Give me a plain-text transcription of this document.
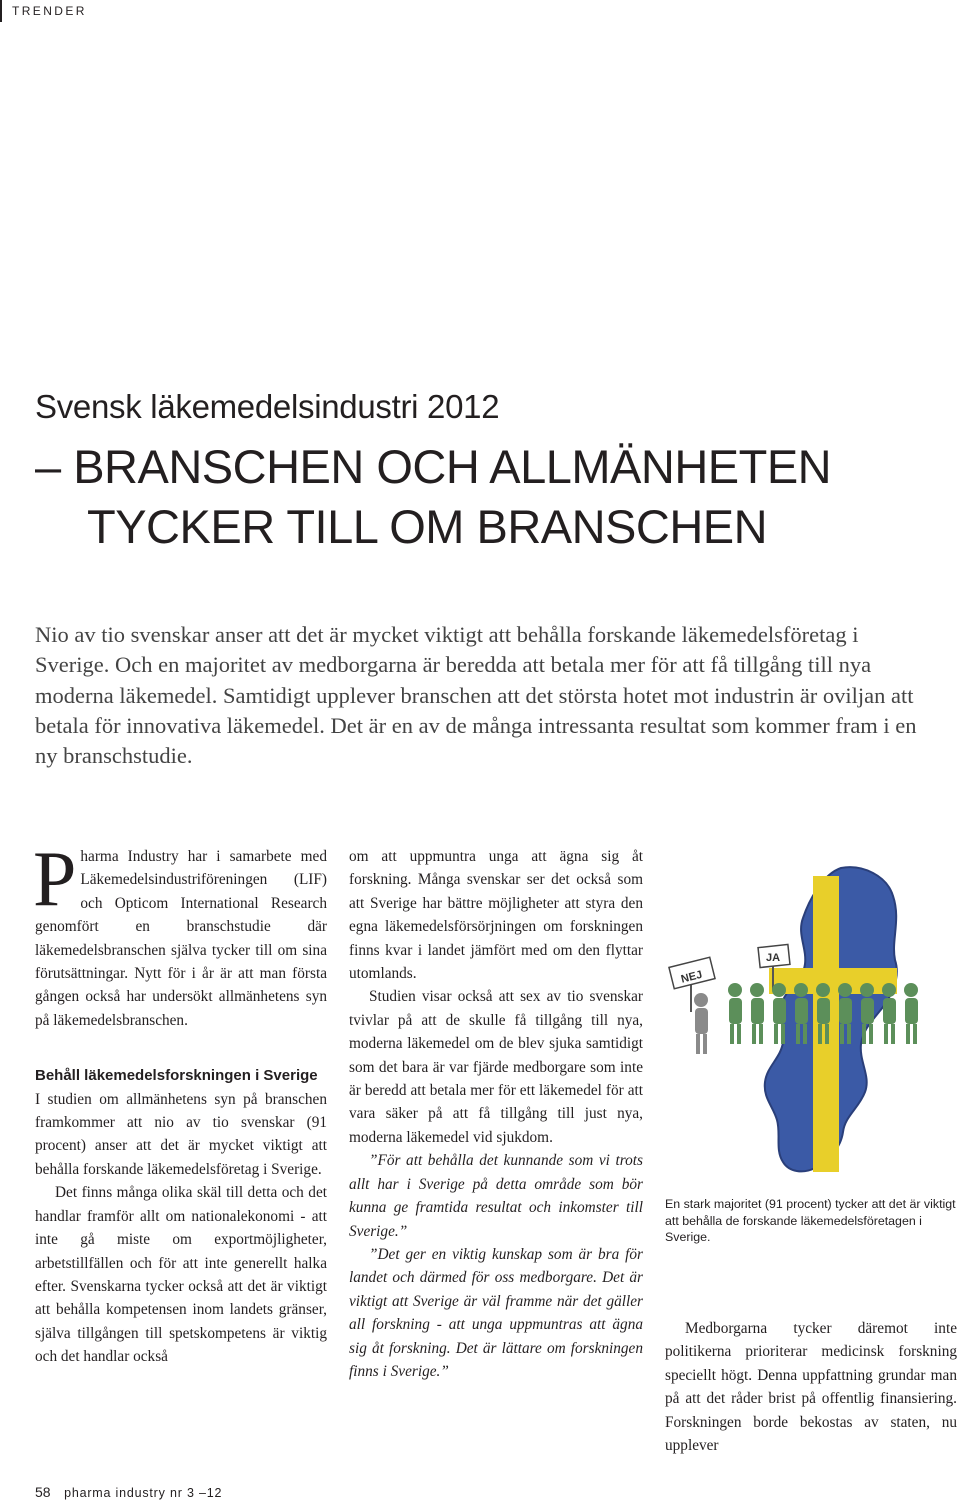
TRENDER
Svensk läkemedelsindustri 2012
– BRANSCHEN OCH ALLMÄNHETEN
TYCKER TILL OM BRANSCHEN

Nio av tio svenskar anser att det är mycket viktigt att behålla forskande läkemedelsföretag i Sverige. Och en majoritet av medborgarna är beredda att betala mer för att få tillgång till nya moderna läkemedel. Samtidigt upplever branschen att det största hotet mot industrin är oviljan att betala för innovativa läkemedel. Det är en av de många intressanta resultat som kommer fram i en ny branschstudie.

Pharma Industry har i samarbete med Läkemedelsindustriföreningen (LIF) och Opticom International Research genomfört en branschstudie där läkemedelsbranschen själva tycker till om sina förutsättningar. Nytt för i år är att man första gången också har undersökt allmänhetens syn på läkemedelsbranschen.

Behåll läkemedelsforskningen i Sverige

I studien om allmänhetens syn på branschen framkommer att nio av tio svenskar (91 procent) anser att det är mycket viktigt att behålla forskande läkemedelsföretag i Sverige.

Det finns många olika skäl till detta och det handlar framför allt om nationalekonomi - att inte gå miste om exportmöjligheter, arbetstillfällen och för att inte generellt halka efter. Svenskarna tycker också att det är viktigt att behålla kompetensen inom landets gränser, själva tillgången till spetskompetens är viktig och det handlar också

om att uppmuntra unga att ägna sig åt forskning. Många svenskar ser det också som att Sverige har bättre möjligheter att styra den egna läkemedelsförsörjningen om forskningen finns kvar i landet jämfört med om den flyttar utomlands.

Studien visar också att sex av tio svenskar tvivlar på att de skulle få tillgång till nya, moderna läkemedel om de blev sjuka samtidigt som det bara är var fjärde medborgare som inte är beredd att betala mer för ett läkemedel för att vara säker på att få tillgång till just nya, moderna läkemedel vid sjukdom.

”För att behålla det kunnande som vi trots allt har i Sverige på detta område som bör kunna ge framtida resultat och inkomster till Sverige.”

”Det ger en viktig kunskap som är bra för landet och därmed för oss medborgare. Det är viktigt att Sverige är väl framme när det gäller all forskning - att unga uppmuntras att ägna sig åt forskning. Det är lättare om forskningen finns i Sverige.”

NEJ
JA

En stark majoritet (91 procent) tycker att det är viktigt att behålla de forskande läkemedelsföretagen i Sverige.

Medborgarna tycker däremot inte politikerna prioriterar medicinsk forskning speciellt högt. Denna uppfattning grundar man på att det råder brist på offentlig finansiering. Forskningen borde bekostas av staten, nu upplever

58 pharma industry nr 3 –12
